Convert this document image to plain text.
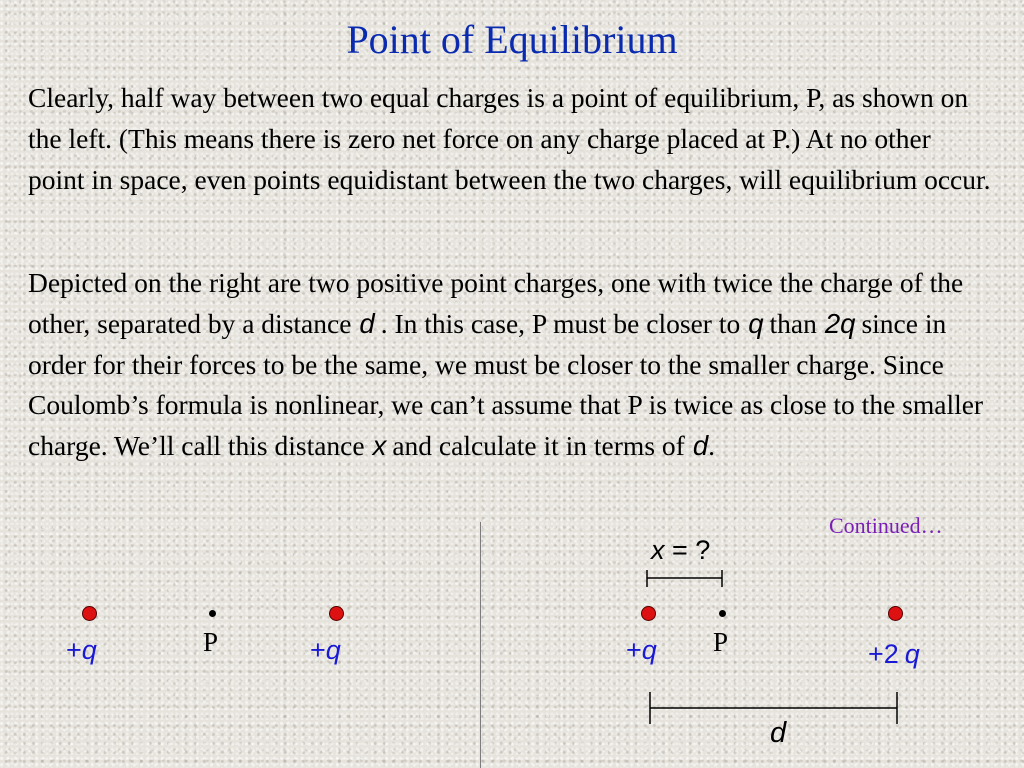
Point of Equilibrium

Clearly, half way between two equal charges is a point of equilibrium, P, as shown on the left. (This means there is zero net force on any charge placed at P.) At no other point in space, even points equidistant between the two charges, will equilibrium occur.

Depicted on the right are two positive point charges, one with twice the charge of the other, separated by a distance d . In this case, P must be closer to q than 2q since in order for their forces to be the same, we must be closer to the smaller charge. Since Coulomb’s formula is nonlinear, we can’t assume that P is twice as close to the smaller charge. We’ll call this distance x and calculate it in terms of d.

Continued…
+q	P	+q
x = ?
+q P	+2 q
d
